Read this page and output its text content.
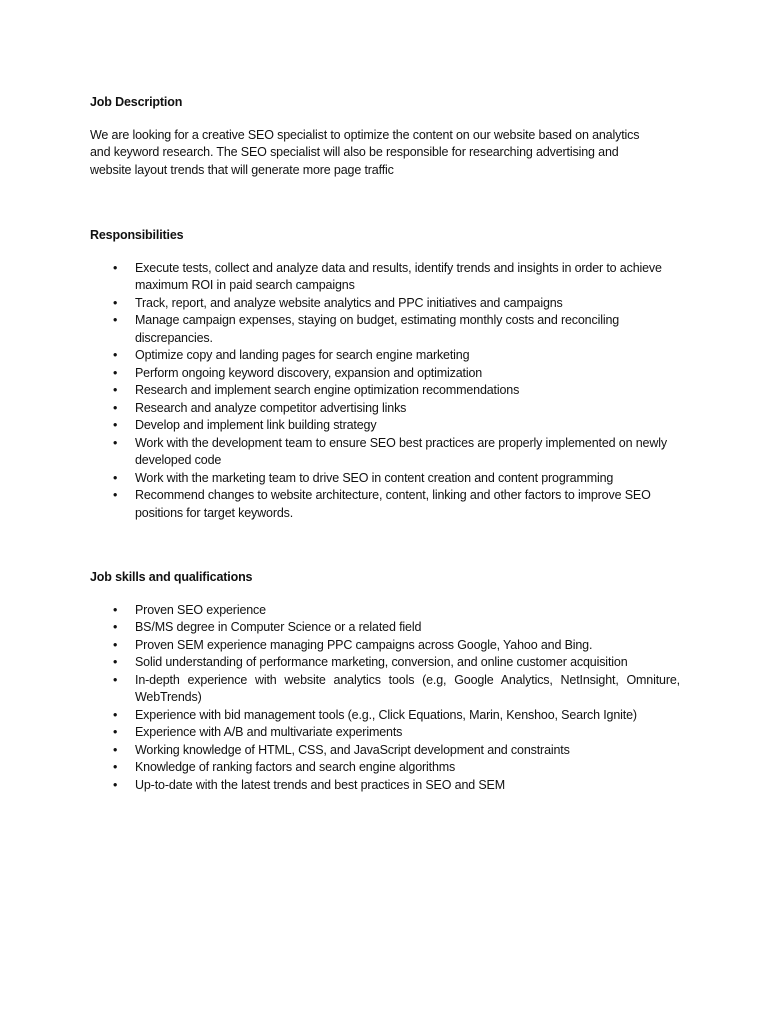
Job Description

We are looking for a creative SEO specialist to optimize the content on our website based on analytics and keyword research. The SEO specialist will also be responsible for researching advertising and website layout trends that will generate more page traffic

Responsibilities

• Execute tests, collect and analyze data and results, identify trends and insights in order to achieve maximum ROI in paid search campaigns
• Track, report, and analyze website analytics and PPC initiatives and campaigns
• Manage campaign expenses, staying on budget, estimating monthly costs and reconciling discrepancies.
• Optimize copy and landing pages for search engine marketing
• Perform ongoing keyword discovery, expansion and optimization
• Research and implement search engine optimization recommendations
• Research and analyze competitor advertising links
• Develop and implement link building strategy
• Work with the development team to ensure SEO best practices are properly implemented on newly developed code
• Work with the marketing team to drive SEO in content creation and content programming
• Recommend changes to website architecture, content, linking and other factors to improve SEO positions for target keywords.

Job skills and qualifications

• Proven SEO experience
• BS/MS degree in Computer Science or a related field
• Proven SEM experience managing PPC campaigns across Google, Yahoo and Bing.
• Solid understanding of performance marketing, conversion, and online customer acquisition
• In-depth experience with website analytics tools (e.g, Google Analytics, NetInsight, Omniture, WebTrends)
• Experience with bid management tools (e.g., Click Equations, Marin, Kenshoo, Search Ignite)
• Experience with A/B and multivariate experiments
• Working knowledge of HTML, CSS, and JavaScript development and constraints
• Knowledge of ranking factors and search engine algorithms
• Up-to-date with the latest trends and best practices in SEO and SEM
